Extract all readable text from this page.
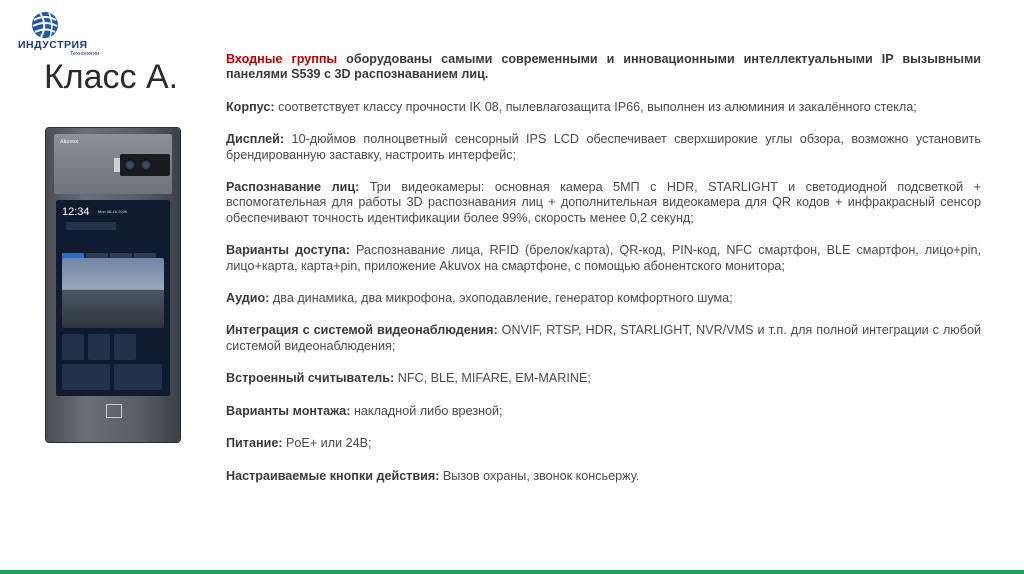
ИНДУСТРИЯ
Технологии
Класс А.
Akuvox
12:34 Mon 06-16 2026

Входные группы оборудованы самыми современными и инновационными интеллектуальными IP вызывными панелями S539 с 3D распознаванием лиц.

Корпус: соответствует классу прочности IK 08, пылевлагозащита IP66, выполнен из алюминия и закалённого стекла;

Дисплей: 10-дюймов полноцветный сенсорный IPS LCD обеспечивает сверхширокие углы обзора, возможно установить брендированную заставку, настроить интерфейс;

Распознавание лиц: Три видеокамеры: основная камера 5МП с HDR, STARLIGHT и светодиодной подсветкой + вспомогательная для работы 3D распознавания лиц + дополнительная видеокамера для QR кодов + инфракрасный сенсор обеспечивают точность идентификации более 99%, скорость менее 0,2 секунд;

Варианты доступа: Распознавание лица, RFID (брелок/карта), QR-код, PIN-код, NFC смартфон, BLE смартфон, лицо+pin, лицо+карта, карта+pin, приложение Akuvox на смартфоне, с помощью абонентского монитора;

Аудио: два динамика, два микрофона, эхоподавление, генератор комфортного шума;

Интеграция с системой видеонаблюдения: ONVIF, RTSP, HDR, STARLIGHT, NVR/VMS и т.п. для полной интеграции с любой системой видеонаблюдения;

Встроенный считыватель: NFC, BLE, MIFARE, EM-MARINE;

Варианты монтажа: накладной либо врезной;

Питание: PoE+ или 24В;

Настраиваемые кнопки действия: Вызов охраны, звонок консьержу.
